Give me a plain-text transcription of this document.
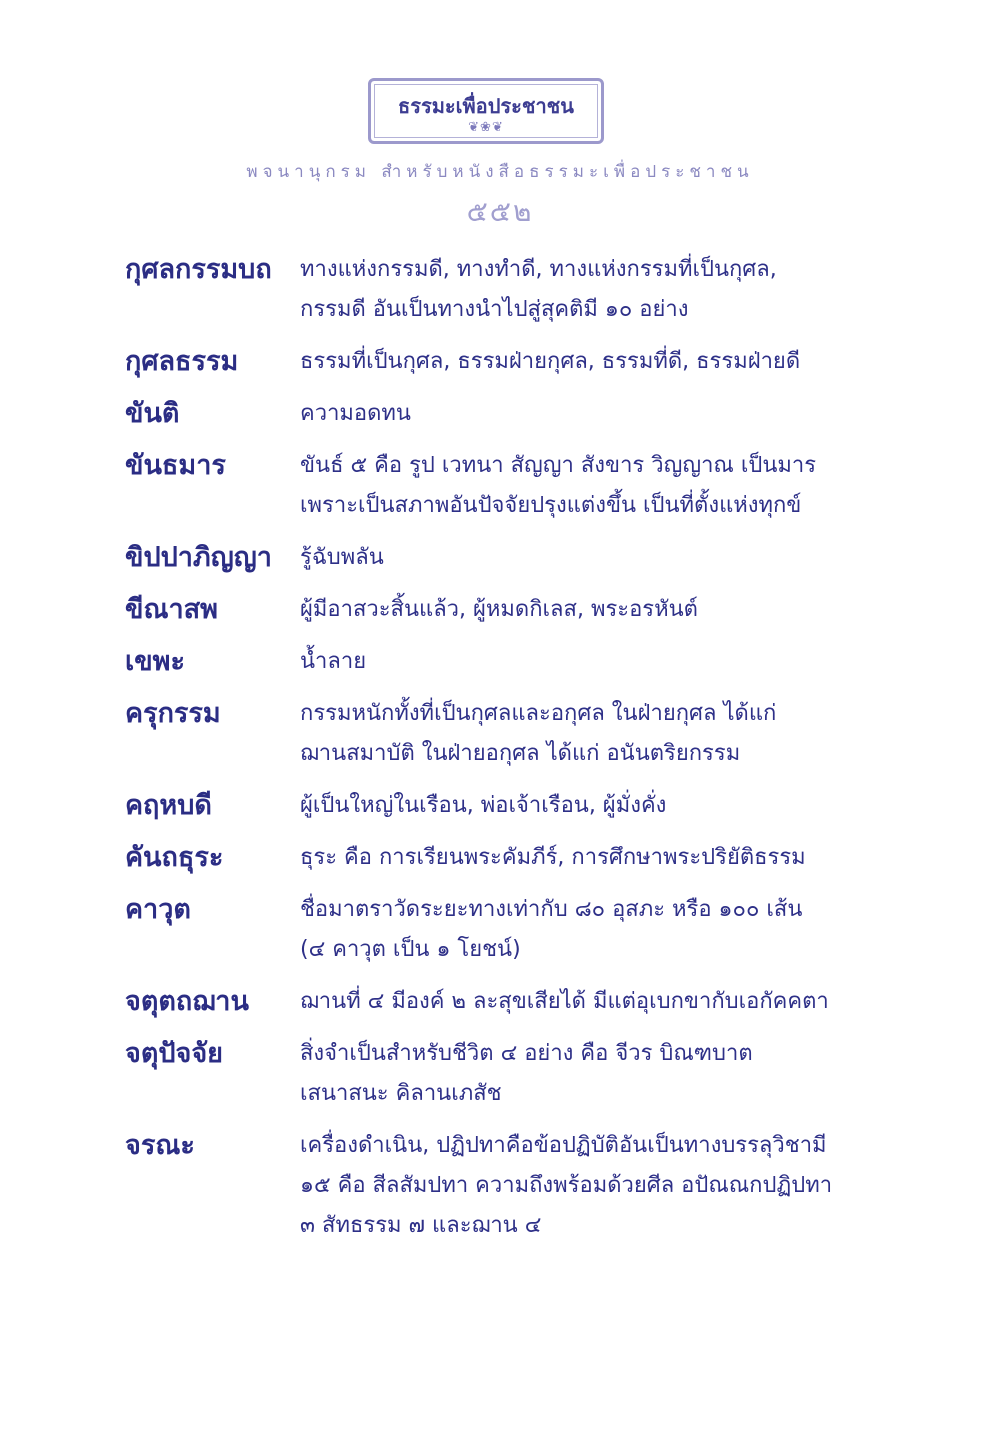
ธรรมะเพื่อประชาชน
❦❀❦
พจนานุกรม สำหรับหนังสือธรรมะเพื่อประชาชน
๕๕๒
กุศลกรรมบถ	ทางแห่งกรรมดี, ทางทำดี, ทางแห่งกรรมที่เป็นกุศล,
กรรมดี อันเป็นทางนำไปสู่สุคติมี ๑๐ อย่าง
กุศลธรรม	ธรรมที่เป็นกุศล, ธรรมฝ่ายกุศล, ธรรมที่ดี, ธรรมฝ่ายดี
ขันติ	ความอดทน
ขันธมาร	ขันธ์ ๕ คือ รูป เวทนา สัญญา สังขาร วิญญาณ เป็นมาร
เพราะเป็นสภาพอันปัจจัยปรุงแต่งขึ้น เป็นที่ตั้งแห่งทุกข์
ขิปปาภิญญา	รู้ฉับพลัน
ขีณาสพ	ผู้มีอาสวะสิ้นแล้ว, ผู้หมดกิเลส, พระอรหันต์
เขพะ	น้ำลาย
ครุกรรม	กรรมหนักทั้งที่เป็นกุศลและอกุศล ในฝ่ายกุศล ได้แก่
ฌานสมาบัติ ในฝ่ายอกุศล ได้แก่ อนันตริยกรรม
คฤหบดี	ผู้เป็นใหญ่ในเรือน, พ่อเจ้าเรือน, ผู้มั่งคั่ง
คันถธุระ	ธุระ คือ การเรียนพระคัมภีร์, การศึกษาพระปริยัติธรรม
คาวุต	ชื่อมาตราวัดระยะทางเท่ากับ ๘๐ อุสภะ หรือ ๑๐๐ เส้น
(๔ คาวุต เป็น ๑ โยชน์)
จตุตถฌาน	ฌานที่ ๔ มีองค์ ๒ ละสุขเสียได้ มีแต่อุเบกขากับเอกัคคตา
จตุปัจจัย	สิ่งจำเป็นสำหรับชีวิต ๔ อย่าง คือ จีวร บิณฑบาต
เสนาสนะ คิลานเภสัช
จรณะ	เครื่องดำเนิน, ปฏิปทาคือข้อปฏิบัติอันเป็นทางบรรลุวิชามี
๑๕ คือ สีลสัมปทา ความถึงพร้อมด้วยศีล อปัณณกปฏิปทา
๓ สัทธรรม ๗ และฌาน ๔
